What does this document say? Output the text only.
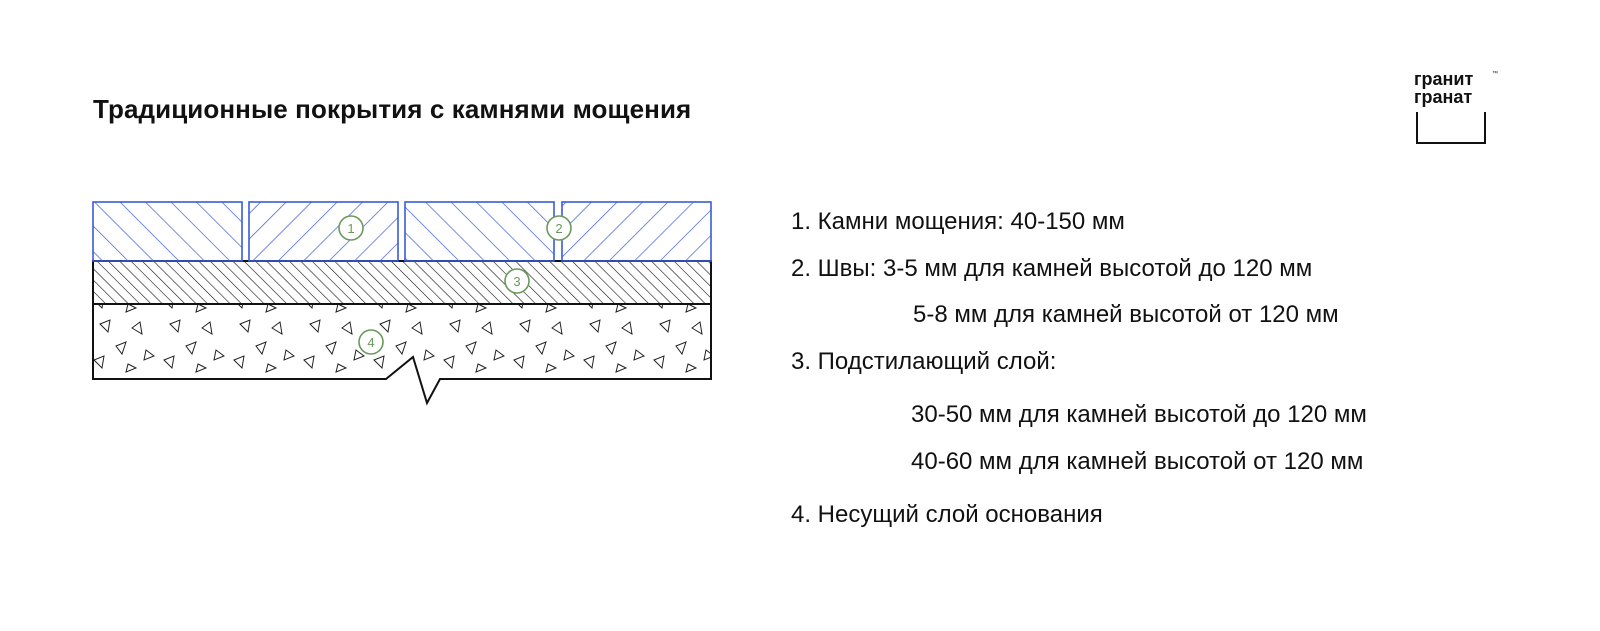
Традиционные покрытия с камнями мощения
гранит	™
гранат
1	2
3
4
1. Камни мощения: 40-150 мм
2. Швы: 3-5 мм для камней высотой до 120 мм
5-8 мм для камней высотой от 120 мм
3. Подстилающий слой:
30-50 мм для камней высотой до 120 мм
40-60 мм для камней высотой от 120 мм
4. Несущий слой основания
